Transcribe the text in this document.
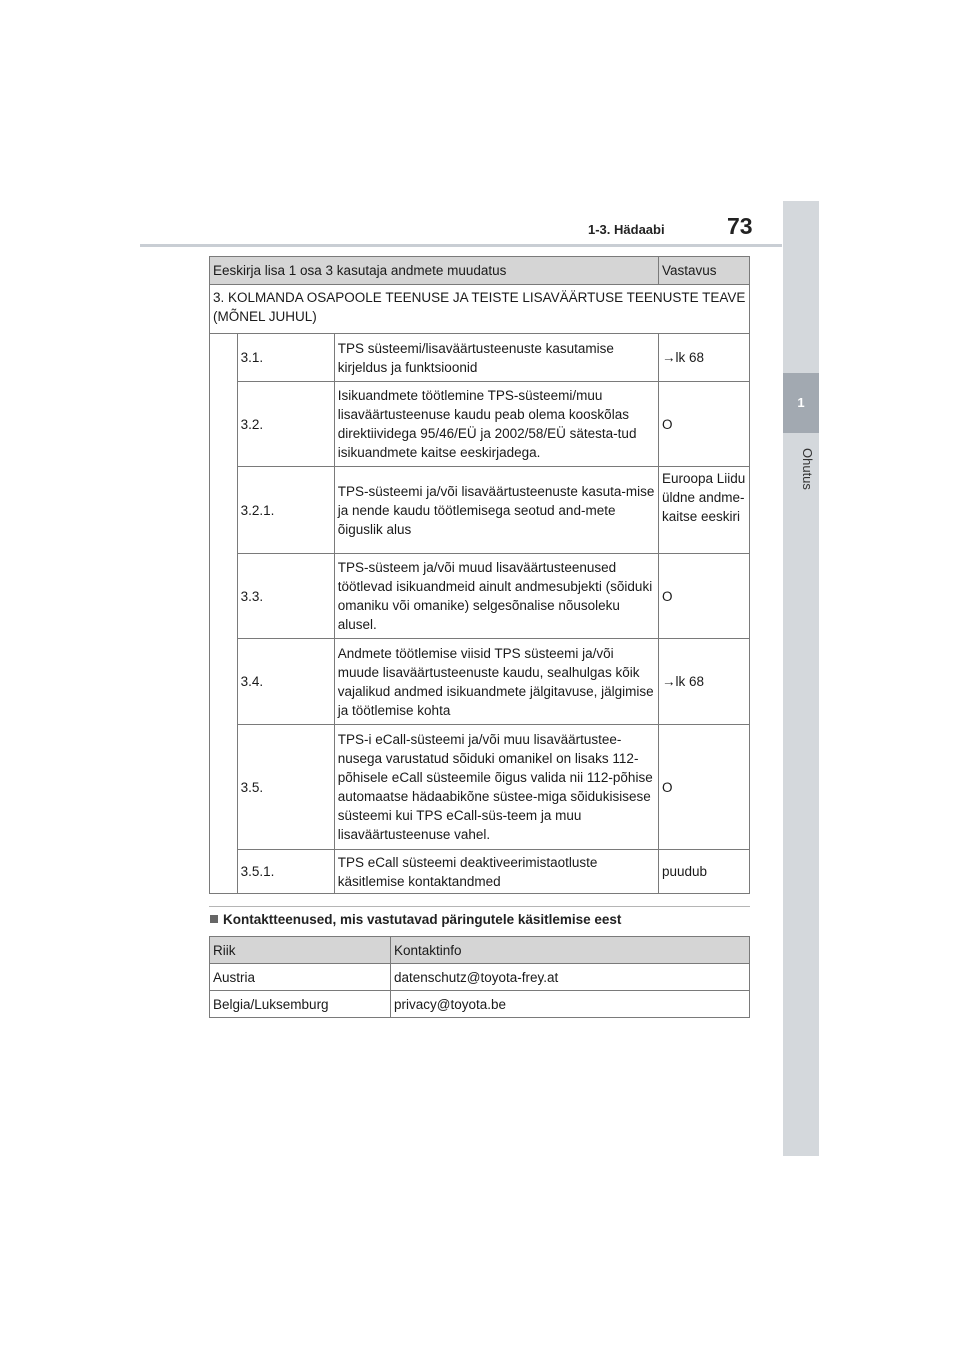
1-3. Hädaabi	73
1
Ohutus
Eeskirja lisa 1 osa 3 kasutaja andmete muudatus			Vastavus
3. KOLMANDA OSAPOOLE TEENUSE JA TEISTE LISAVÄÄRTUSE TEENUSTE TEAVE (MÕNEL JUHUL)			
	3.1.	TPS süsteemi/lisaväärtusteenuste kasutamise kirjeldus ja funktsioonid	→lk 68
	3.2.	Isikuandmete töötlemine TPS-süsteemi/muu lisaväärtusteenuse kaudu peab olema kooskõlas direktiividega 95/46/EÜ ja 2002/58/EÜ sätesta-tud isikuandmete kaitse eeskirjadega.	O
	3.2.1.	TPS-süsteemi ja/või lisaväärtusteenuste kasuta-mise ja nende kaudu töötlemisega seotud and-mete õiguslik alus	Euroopa Liidu üldne andme-kaitse eeskiri
	3.3.	TPS-süsteem ja/või muud lisaväärtusteenused töötlevad isikuandmeid ainult andmesubjekti (sõiduki omaniku või omanike) selgesõnalise nõusoleku alusel.	O
	3.4.	Andmete töötlemise viisid TPS süsteemi ja/või muude lisaväärtusteenuste kaudu, sealhulgas kõik vajalikud andmed isikuandmete jälgitavuse, jälgimise ja töötlemise kohta	→lk 68
	3.5.	TPS-i eCall-süsteemi ja/või muu lisaväärtustee-nusega varustatud sõiduki omanikel on lisaks 112-põhisele eCall süsteemile õigus valida nii 112-põhise automaatse hädaabikõne süstee-miga sõidukisisese süsteemi kui TPS eCall-süs-teem ja muu lisaväärtusteenuse vahel.	O
	3.5.1.	TPS eCall süsteemi deaktiveerimistaotluste käsitlemise kontaktandmed	puudub
Kontaktteenused, mis vastutavad päringutele käsitlemise eest
Riik	Kontaktinfo
Austria	datenschutz@toyota-frey.at
Belgia/Luksemburg	privacy@toyota.be
